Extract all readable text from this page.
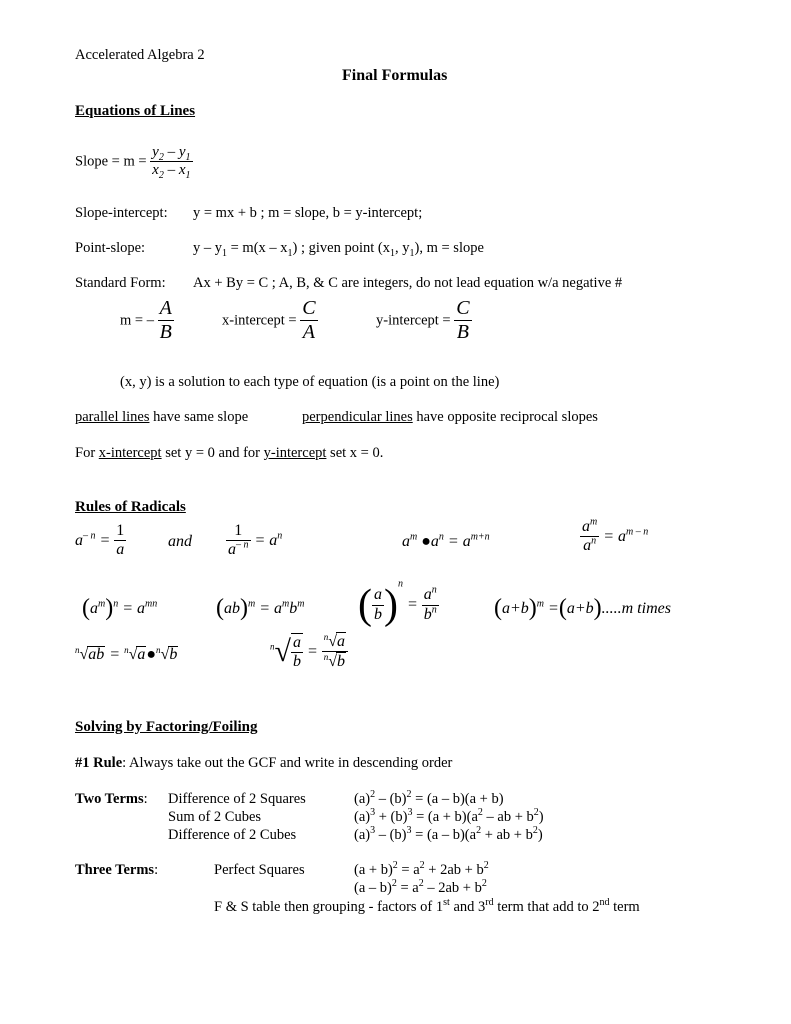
Accelerated Algebra 2
Final Formulas
Equations of Lines
Slope = $m = \frac{y_2 - y_1}{x_2 - x_1}$
Slope-intercept: y = mx + b ; m = slope, b = y-intercept;
Point-slope:	$y - y_1 = m(x - x_1)$ ; given point ($x_1$, $y_1$), m = slope
Standard Form: Ax + By = C ; A, B, & C are integers, do not lead equation w/a negative #
m = – $\frac{A}{B}$	x-intercept = $\frac{C}{A}$	y-intercept = $\frac{C}{B}$
(x, y) is a solution to each type of equation (is a point on the line)
parallel lines have same slope	perpendicular lines have opposite reciprocal slopes
For x-intercept set y = 0 and for y-intercept set x = 0.
Rules of Radicals
$a^{- n} = \frac{1}{a}$	and $\frac{1}{a^{- n}} = a^n$	$a^m$ $●a^n = a^{m+n}$	$\frac{a^m}{a^n} = a^{m - n}$
$(a^m)^n = a^{mn}$ $(ab)^m = a^mb^m$ ( $\frac{a}{b} )^n = \frac{a^n}{b^n} (a+b)^m =(a+b).....m$ times
$^n$√ab = $^n$√a●$^n$√b	$^n√ \frac{a}{b} = \frac{^n√a}{^n√b}$
Solving by Factoring/Foiling
#1 Rule: Always take out the GCF and write in descending order
Two Terms: Difference of 2 Squares	$(a)^2 - (b)^2 = (a - b)(a + b)$
Sum of 2 Cubes	$(a)^3 + (b)^3 = (a + b)(a^2$ – ab + $b^2$)
Difference of 2 Cubes	$(a)^3 - (b)^3 = (a - b)(a^2$ + ab + $b^2$)
Three Terms:	Perfect Squares	$(a + b)^2 = a^2 + 2ab + b^2$
$(a - b)^2 = a^2 - 2ab + b^2$
F & S table then grouping - factors of 1st and 3rd term that add to 2nd term
